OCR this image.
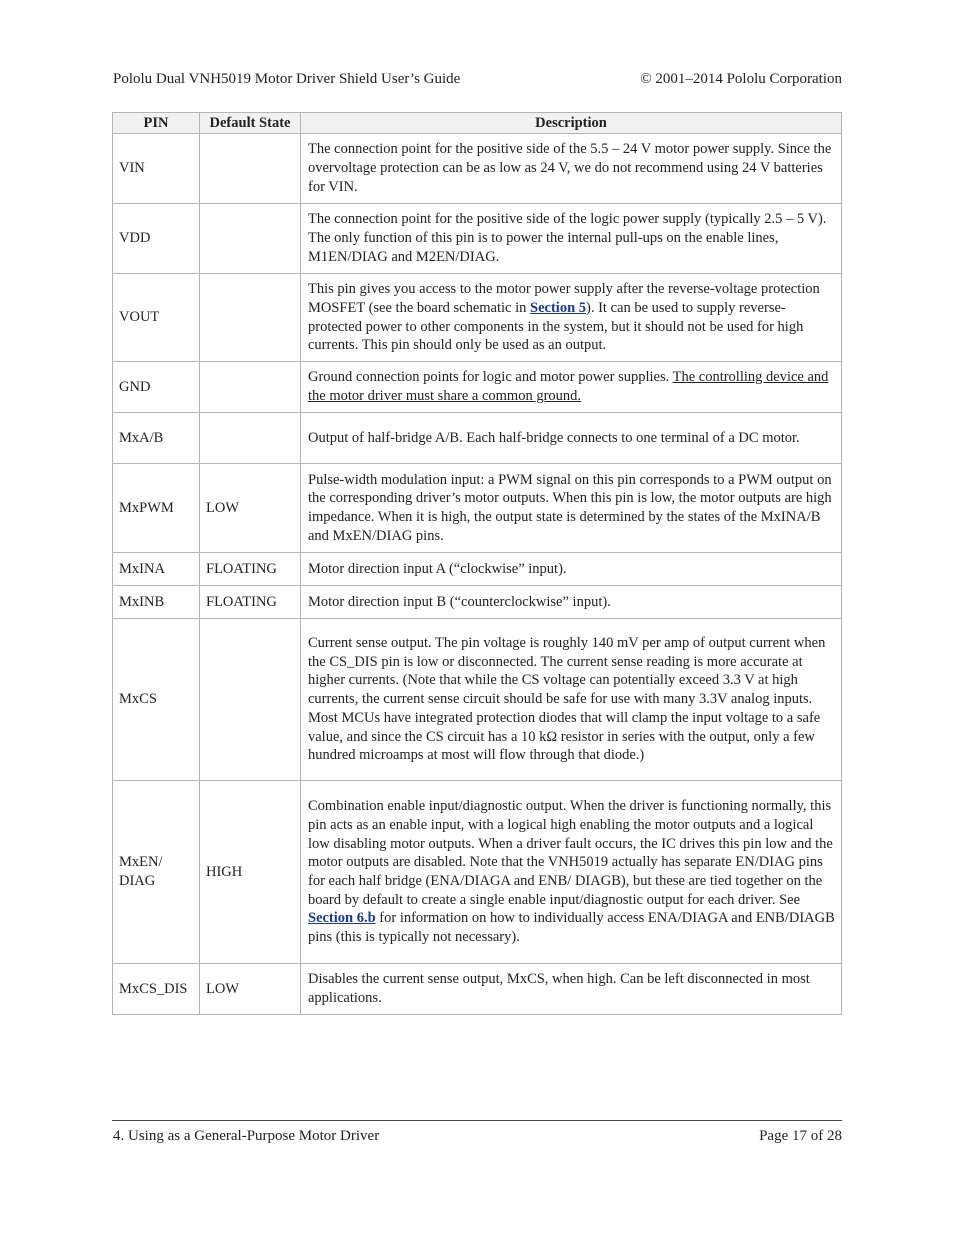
Pololu Dual VNH5019 Motor Driver Shield User’s Guide	© 2001–2014 Pololu Corporation
PIN	Default State	Description
VIN		The connection point for the positive side of the 5.5 – 24 V motor power supply. Since the overvoltage protection can be as low as 24 V, we do not recommend using 24 V batteries for VIN.
VDD		The connection point for the positive side of the logic power supply (typically 2.5 – 5 V). The only function of this pin is to power the internal pull-ups on the enable lines, M1EN/DIAG and M2EN/DIAG.
VOUT		This pin gives you access to the motor power supply after the reverse-voltage protection MOSFET (see the board schematic in Section 5). It can be used to supply reverse-protected power to other components in the system, but it should not be used for high currents. This pin should only be used as an output.
GND		Ground connection points for logic and motor power supplies. The controlling device and the motor driver must share a common ground.
MxA/B		Output of half-bridge A/B. Each half-bridge connects to one terminal of a DC motor.
MxPWM	LOW	Pulse-width modulation input: a PWM signal on this pin corresponds to a PWM output on the corresponding driver’s motor outputs. When this pin is low, the motor outputs are high impedance. When it is high, the output state is determined by the states of the MxINA/B and MxEN/DIAG pins.
MxINA	FLOATING	Motor direction input A (“clockwise” input).
MxINB	FLOATING	Motor direction input B (“counterclockwise” input).
MxCS		Current sense output. The pin voltage is roughly 140 mV per amp of output current when the CS_DIS pin is low or disconnected. The current sense reading is more accurate at higher currents. (Note that while the CS voltage can potentially exceed 3.3 V at high currents, the current sense circuit should be safe for use with many 3.3V analog inputs. Most MCUs have integrated protection diodes that will clamp the input voltage to a safe value, and since the CS circuit has a 10 kΩ resistor in series with the output, only a few hundred microamps at most will flow through that diode.)
MxEN/ DIAG	HIGH	Combination enable input/diagnostic output. When the driver is functioning normally, this pin acts as an enable input, with a logical high enabling the motor outputs and a logical low disabling motor outputs. When a driver fault occurs, the IC drives this pin low and the motor outputs are disabled. Note that the VNH5019 actually has separate EN/DIAG pins for each half bridge (ENA/DIAGA and ENB/ DIAGB), but these are tied together on the board by default to create a single enable input/diagnostic output for each driver. See Section 6.b for information on how to individually access ENA/DIAGA and ENB/DIAGB pins (this is typically not necessary).
MxCS_DIS	LOW	Disables the current sense output, MxCS, when high. Can be left disconnected in most applications.
4. Using as a General-Purpose Motor Driver	Page 17 of 28
